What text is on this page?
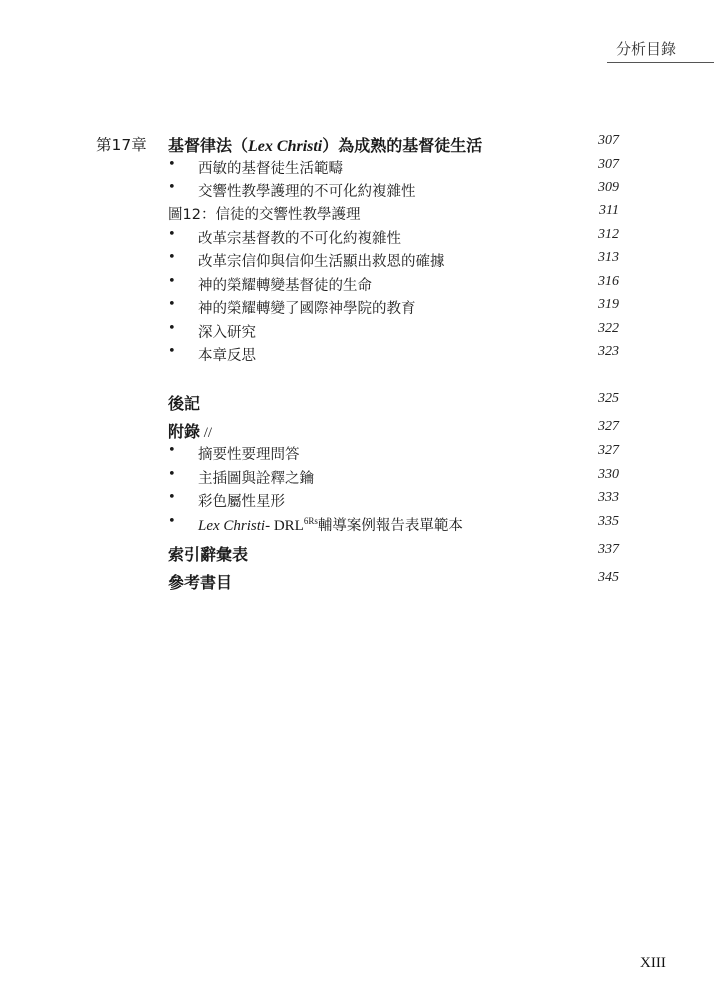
分析目錄
第17章 基督律法（Lex Christi）為成熟的基督徒生活	307
• 西敏的基督徒生活範疇	307
• 交響性教學護理的不可化約複雜性	309
圖12：信徒的交響性教學護理	311
• 改革宗基督教的不可化約複雜性	312
• 改革宗信仰與信仰生活顯出救恩的確據	313
• 神的榮耀轉變基督徒的生命	316
• 神的榮耀轉變了國際神學院的教育	319
• 深入研究	322
• 本章反思	323
後記	325
附錄 //	327
• 摘要性要理問答	327
• 主插圖與詮釋之鑰	330
• 彩色屬性星形	333
• Lex Christi- $DRL^{6Rs}$輔導案例報告表單範本	335
索引辭彙表	337
參考書目	345
XIII
